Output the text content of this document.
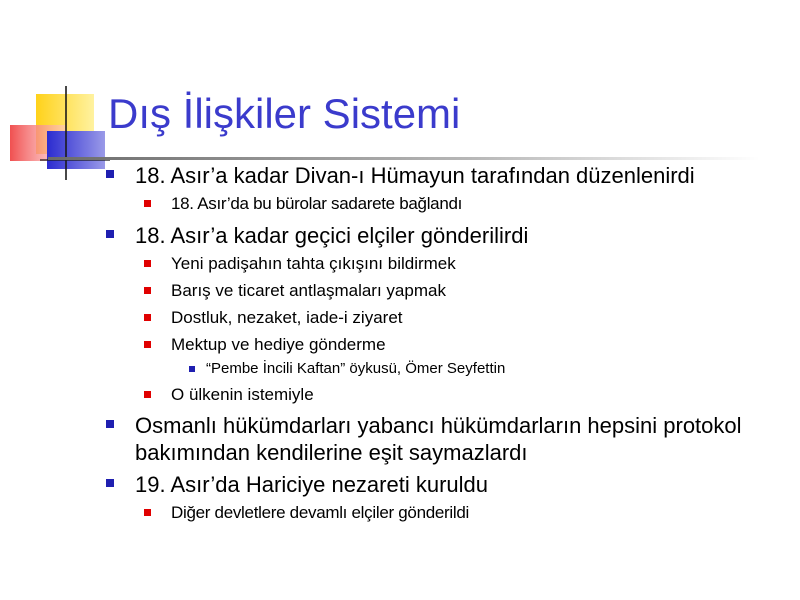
Dış İlişkiler Sistemi
18. Asır’a kadar Divan-ı Hümayun tarafından düzenlenirdi
18. Asır’da bu bürolar sadarete bağlandı
18. Asır’a kadar geçici elçiler gönderilirdi
Yeni padişahın tahta çıkışını bildirmek
Barış ve ticaret antlaşmaları yapmak
Dostluk, nezaket, iade-i ziyaret
Mektup ve hediye gönderme
“Pembe İncili Kaftan” öykusü, Ömer Seyfettin
O ülkenin istemiyle
Osmanlı hükümdarları yabancı hükümdarların hepsini protokol
bakımından kendilerine eşit saymazlardı
19. Asır’da Hariciye nezareti kuruldu
Diğer devletlere devamlı elçiler gönderildi
